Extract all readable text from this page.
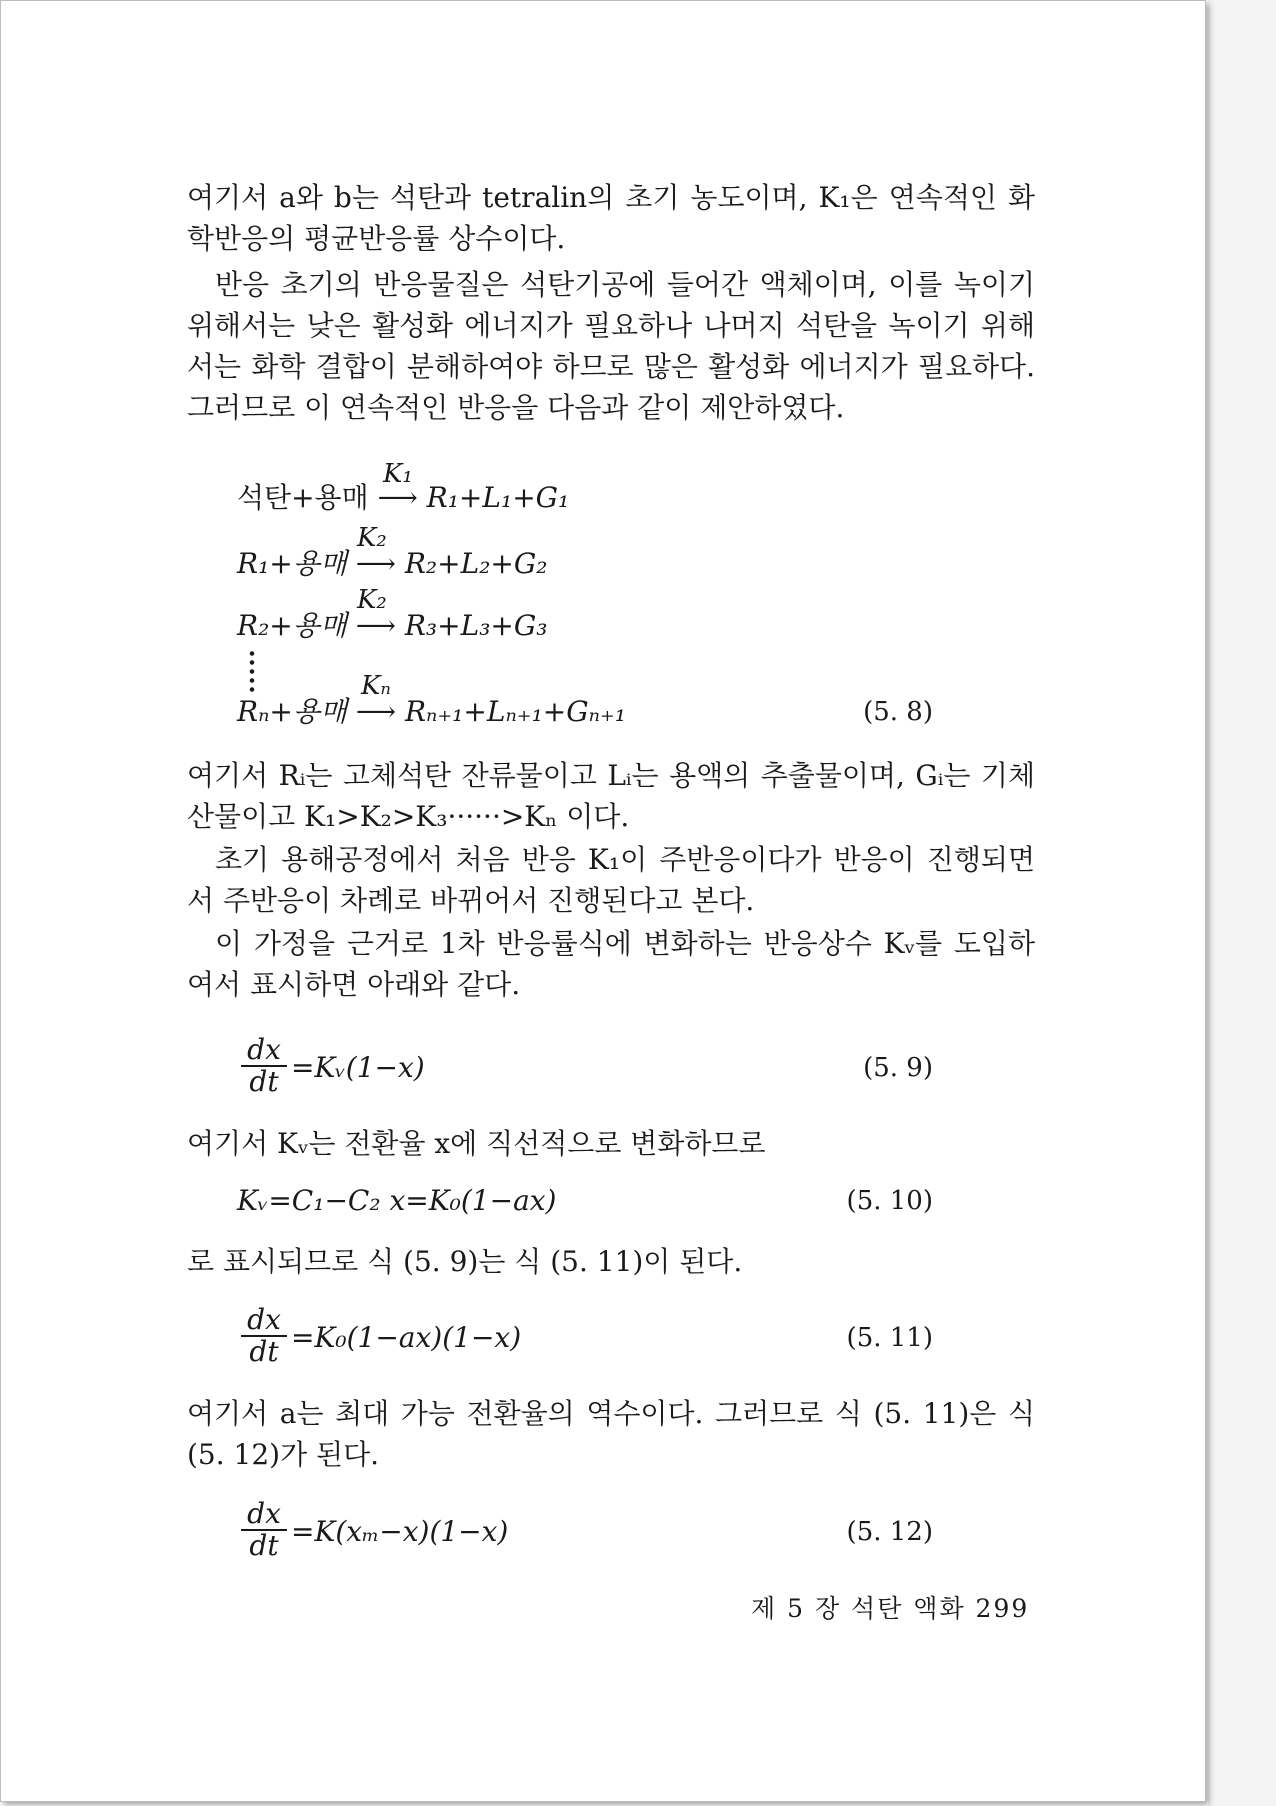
여기서 a와 b는 석탄과 tetralin의 초기 농도이며, K₁은 연속적인 화학반응의 평균반응률 상수이다.
반응 초기의 반응물질은 석탄기공에 들어간 액체이며, 이를 녹이기 위해서는 낮은 활성화 에너지가 필요하나 나머지 석탄을 녹이기 위해서는 화학 결합이 분해하여야 하므로 많은 활성화 에너지가 필요하다. 그러므로 이 연속적인 반응을 다음과 같이 제안하였다.
석탄+용매 ⟶ R₁+L₁+G₁
K₁
R₁+용매 ⟶ R₂+L₂+G₂
K₂
R₂+용매 ⟶ R₃+L₃+G₃
K₂
Rₙ+용매 ⟶ Rₙ₊₁+Lₙ₊₁+Gₙ₊₁
Kₙ
(5. 8)
여기서 Rᵢ는 고체석탄 잔류물이고 Lᵢ는 용액의 추출물이며, Gᵢ는 기체산물이고 K₁>K₂>K₃······>Kₙ 이다.
초기 용해공정에서 처음 반응 K₁이 주반응이다가 반응이 진행되면서 주반응이 차례로 바뀌어서 진행된다고 본다.
이 가정을 근거로 1차 반응률식에 변화하는 반응상수 Kᵥ를 도입하여서 표시하면 아래와 같다.
$\frac{dx}{dt}$ =Kᵥ(1−x)	(5. 9)
여기서 Kᵥ는 전환율 x에 직선적으로 변화하므로
Kᵥ=C₁−C₂ x=K₀(1−ax)	(5. 10)
로 표시되므로 식 (5. 9)는 식 (5. 11)이 된다.
$\frac{dx}{dt} =K_0(1-ax)(1-x)$	(5. 11)
여기서 a는 최대 가능 전환율의 역수이다. 그러므로 식 (5. 11)은 식 (5. 12)가 된다.
$\frac{dx}{dt} =K(x_m-x)(1-x)$	(5. 12)
제 5 장 석탄 액화 299
